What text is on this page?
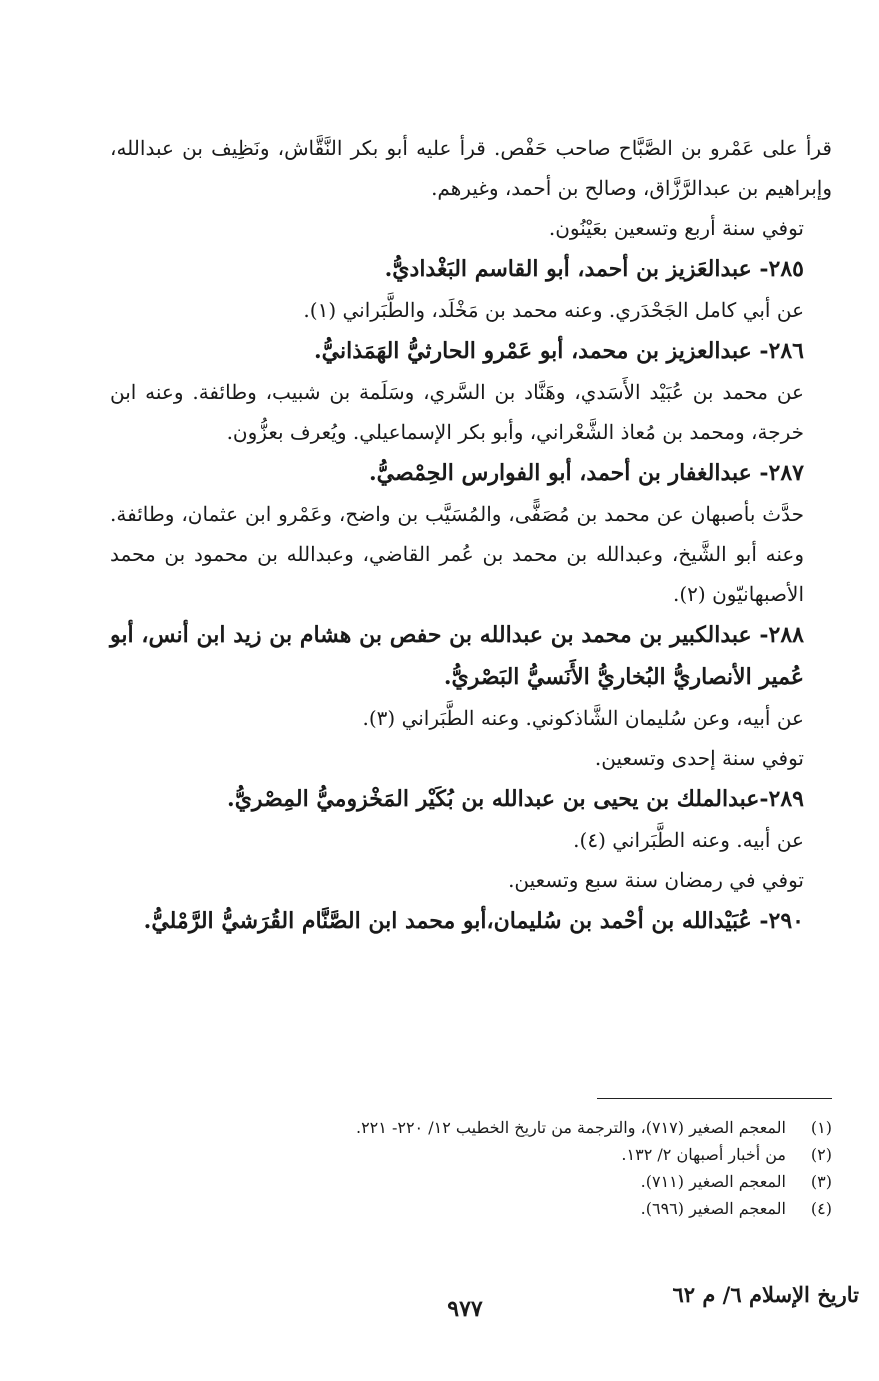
قرأ على عَمْرو بن الصَّبَّاح صاحب حَفْص. قرأ عليه أبو بكر النَّقَّاش، ونَظِيف بن عبدالله، وإبراهيم بن عبدالرَّزَّاق، وصالح بن أحمد، وغيرهم.

توفي سنة أربع وتسعين بعَيْنُون.

٢٨٥- عبدالعَزيز بن أحمد، أبو القاسم البَغْداديُّ.

عن أبي كامل الجَحْدَري. وعنه محمد بن مَخْلَد، والطَّبَراني (١).

٢٨٦- عبدالعزيز بن محمد، أبو عَمْرو الحارثيُّ الهَمَذانيُّ.

عن محمد بن عُبَيْد الأَسَدي، وهَنَّاد بن السَّري، وسَلَمة بن شبيب، وطائفة. وعنه ابن خرجة، ومحمد بن مُعاذ الشَّعْراني، وأبو بكر الإسماعيلي. ويُعرف بعزُّون.

٢٨٧- عبدالغفار بن أحمد، أبو الفوارس الحِمْصيُّ.

حدَّث بأصبهان عن محمد بن مُصَفًّى، والمُسَيَّب بن واضح، وعَمْرو ابن عثمان، وطائفة. وعنه أبو الشَّيخ، وعبدالله بن محمد بن عُمر القاضي، وعبدالله بن محمود بن محمد الأصبهانيّون (٢).

٢٨٨- عبدالكبير بن محمد بن عبدالله بن حفص بن هشام بن زيد ابن أنس، أبو عُمير الأنصاريُّ البُخاريُّ الأَنَسيُّ البَصْريُّ.

عن أبيه، وعن سُليمان الشَّاذكوني. وعنه الطَّبَراني (٣).

توفي سنة إحدى وتسعين.

٢٨٩-عبدالملك بن يحيى بن عبدالله بن بُكَيْر المَخْزوميُّ المِصْريُّ.

عن أبيه. وعنه الطَّبَراني (٤).

توفي في رمضان سنة سبع وتسعين.

٢٩٠- عُبَيْدالله بن أحْمد بن سُليمان،أبو محمد ابن الصَّنَّام القُرَشيُّ الرَّمْليُّ.

(١)المعجم الصغير (٧١٧)، والترجمة من تاريخ الخطيب ١٢/ ٢٢٠- ٢٢١.
(٢)من أخبار أصبهان ٢/ ١٣٢.
(٣)المعجم الصغير (٧١١).
(٤)المعجم الصغير (٦٩٦).
تاريخ الإسلام ٦/ م ٦٢
٩٧٧
